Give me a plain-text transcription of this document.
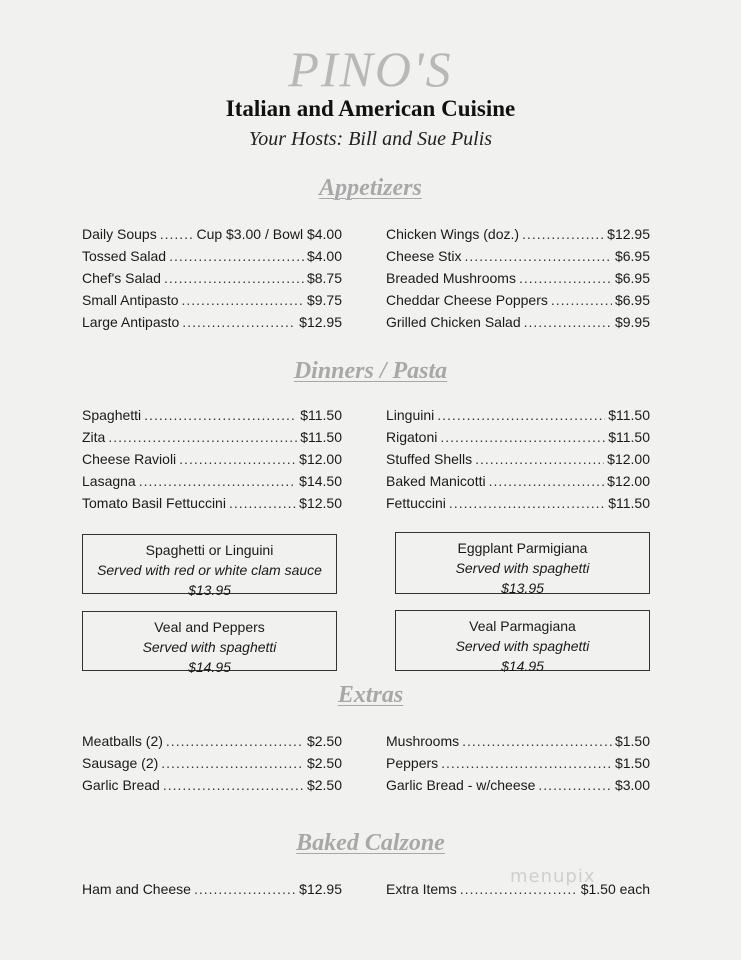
PINO'S
Italian and American Cuisine
Your Hosts: Bill and Sue Pulis
Appetizers
Daily Soups .....	Cup $3.00 / Bowl $4.00
Tossed Salad .....	$4.00
Chef's Salad .....	$8.75
Small Antipasto .....	$9.75
Large Antipasto .....	$12.95
Chicken Wings (doz.) .....	$12.95
Cheese Stix .....	$6.95
Breaded Mushrooms .....	$6.95
Cheddar Cheese Poppers .....	$6.95
Grilled Chicken Salad .....	$9.95
Dinners / Pasta
Spaghetti .....	$11.50
Zita .....	$11.50
Cheese Ravioli .....	$12.00
Lasagna .....	$14.50
Tomato Basil Fettuccini .....	$12.50
Linguini .....	$11.50
Rigatoni .....	$11.50
Stuffed Shells .....	$12.00
Baked Manicotti .....	$12.00
Fettuccini .....	$11.50
Spaghetti or Linguini
Served with red or white clam sauce
$13.95
Eggplant Parmigiana
Served with spaghetti
$13.95
Veal and Peppers
Served with spaghetti
$14.95
Veal Parmagiana
Served with spaghetti
$14.95
Extras
Meatballs (2) .....	$2.50
Sausage (2) .....	$2.50
Garlic Bread .....	$2.50
Mushrooms .....	$1.50
Peppers .....	$1.50
Garlic Bread - w/cheese .....	$3.00
Baked Calzone
Ham and Cheese .....	$12.95	Extra Items .....	$1.50 each
menupix
